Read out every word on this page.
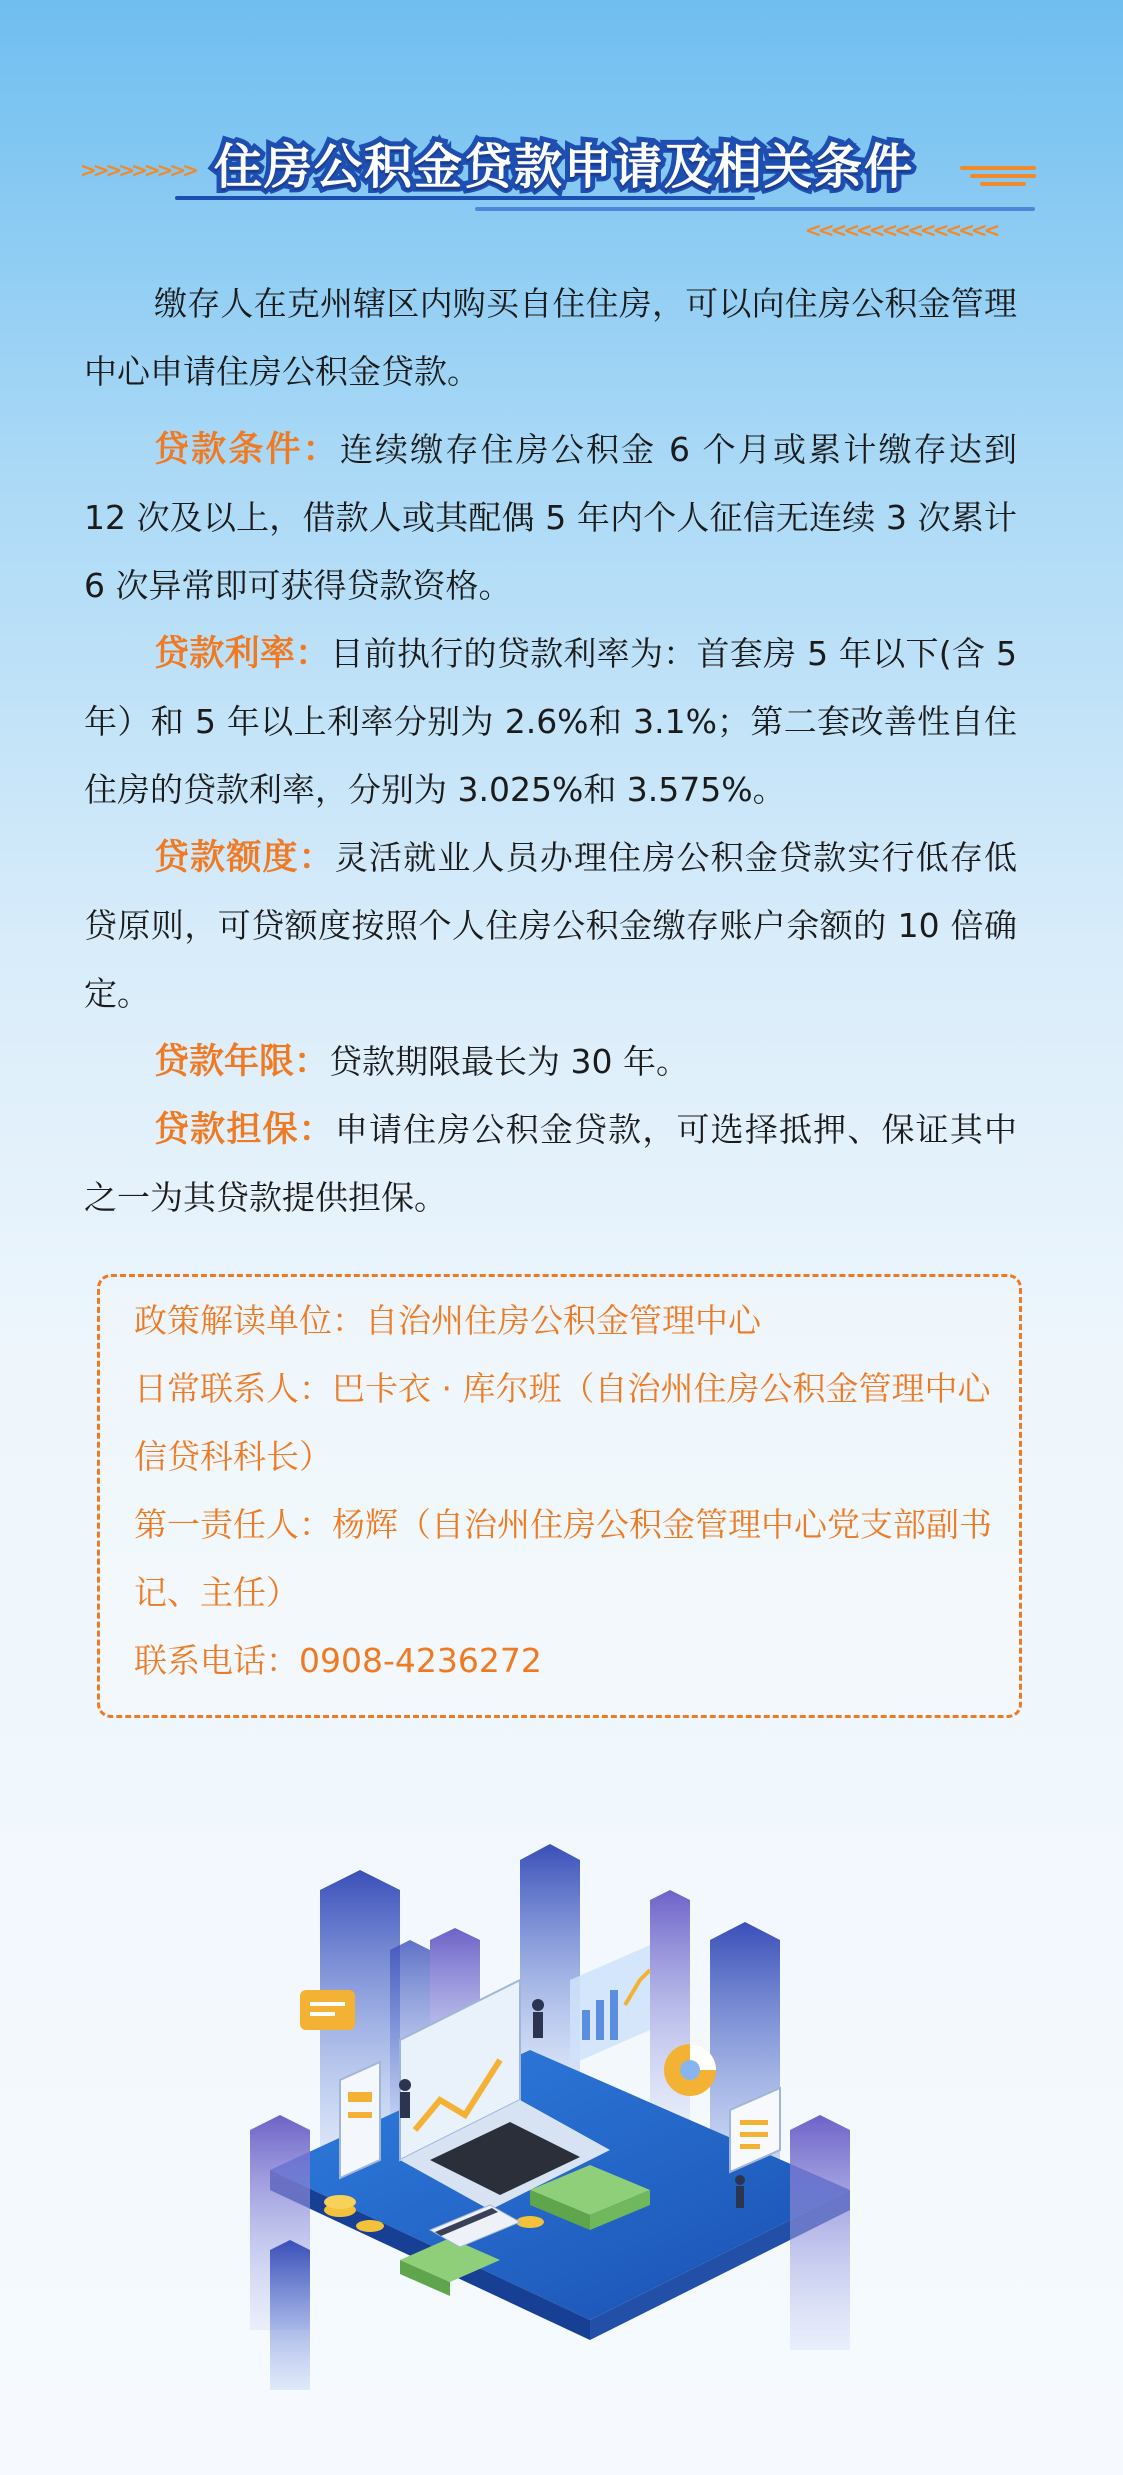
>>>>>>>>> 住房公积金贷款申请及相关条件
<<<<<<<<<<<<<<<

缴存人在克州辖区内购买自住住房，可以向住房公积金管理中心申请住房公积金贷款。

贷款条件：连续缴存住房公积金 6 个月或累计缴存达到 12 次及以上，借款人或其配偶 5 年内个人征信无连续 3 次累计 6 次异常即可获得贷款资格。

贷款利率：目前执行的贷款利率为：首套房 5 年以下(含 5 年）和 5 年以上利率分别为 2.6%和 3.1%；第二套改善性自住住房的贷款利率，分别为 3.025%和 3.575%。

贷款额度：灵活就业人员办理住房公积金贷款实行低存低贷原则，可贷额度按照个人住房公积金缴存账户余额的 10 倍确定。

贷款年限：贷款期限最长为 30 年。

贷款担保：申请住房公积金贷款，可选择抵押、保证其中之一为其贷款提供担保。

政策解读单位：自治州住房公积金管理中心
日常联系人：巴卡衣 · 库尔班（自治州住房公积金管理中心信贷科科长）
第一责任人：杨辉（自治州住房公积金管理中心党支部副书记、主任）
联系电话：0908-4236272
